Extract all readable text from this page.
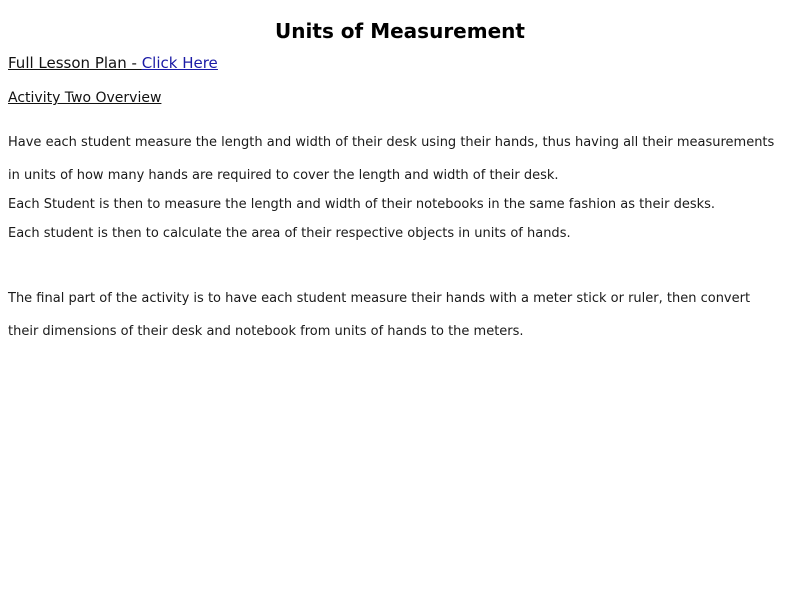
Units of Measurement
Full Lesson Plan - Click Here
Activity Two Overview
Have each student measure the length and width of their desk using their hands, thus having all their measurements
in units of how many hands are required to cover the length and width of their desk.
Each Student is then to measure the length and width of their notebooks in the same fashion as their desks.
Each student is then to calculate the area of their respective objects in units of hands.
The final part of the activity is to have each student measure their hands with a meter stick or ruler, then convert
their dimensions of their desk and notebook from units of hands to the meters.
